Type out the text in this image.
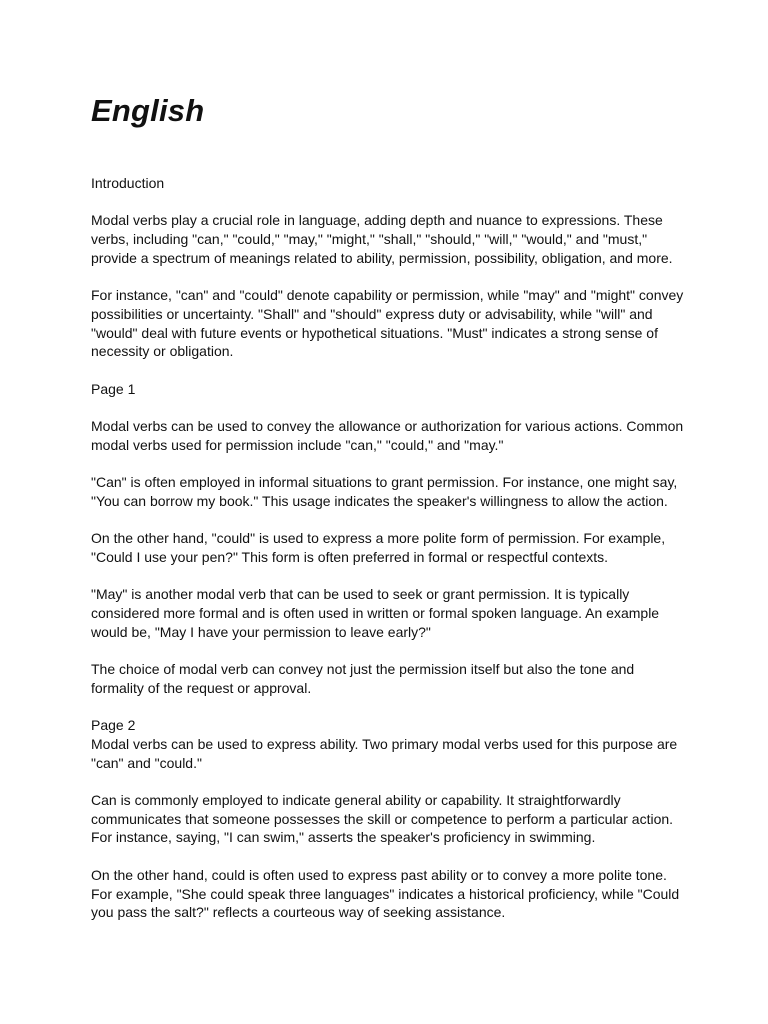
English

Introduction

Modal verbs play a crucial role in language, adding depth and nuance to expressions. These

verbs, including "can," "could," "may," "might," "shall," "should," "will," "would," and "must,"

provide a spectrum of meanings related to ability, permission, possibility, obligation, and more.

For instance, "can" and "could" denote capability or permission, while "may" and "might" convey

possibilities or uncertainty. "Shall" and "should" express duty or advisability, while "will" and

"would" deal with future events or hypothetical situations. "Must" indicates a strong sense of

necessity or obligation.

Page 1

Modal verbs can be used to convey the allowance or authorization for various actions. Common

modal verbs used for permission include "can," "could," and "may."

"Can" is often employed in informal situations to grant permission. For instance, one might say,

"You can borrow my book." This usage indicates the speaker's willingness to allow the action.

On the other hand, "could" is used to express a more polite form of permission. For example,

"Could I use your pen?" This form is often preferred in formal or respectful contexts.

"May" is another modal verb that can be used to seek or grant permission. It is typically

considered more formal and is often used in written or formal spoken language. An example

would be, "May I have your permission to leave early?"

The choice of modal verb can convey not just the permission itself but also the tone and

formality of the request or approval.

Page 2

Modal verbs can be used to express ability. Two primary modal verbs used for this purpose are

"can" and "could."

Can is commonly employed to indicate general ability or capability. It straightforwardly

communicates that someone possesses the skill or competence to perform a particular action.

For instance, saying, "I can swim," asserts the speaker's proficiency in swimming.

On the other hand, could is often used to express past ability or to convey a more polite tone.

For example, "She could speak three languages" indicates a historical proficiency, while "Could

you pass the salt?" reflects a courteous way of seeking assistance.
